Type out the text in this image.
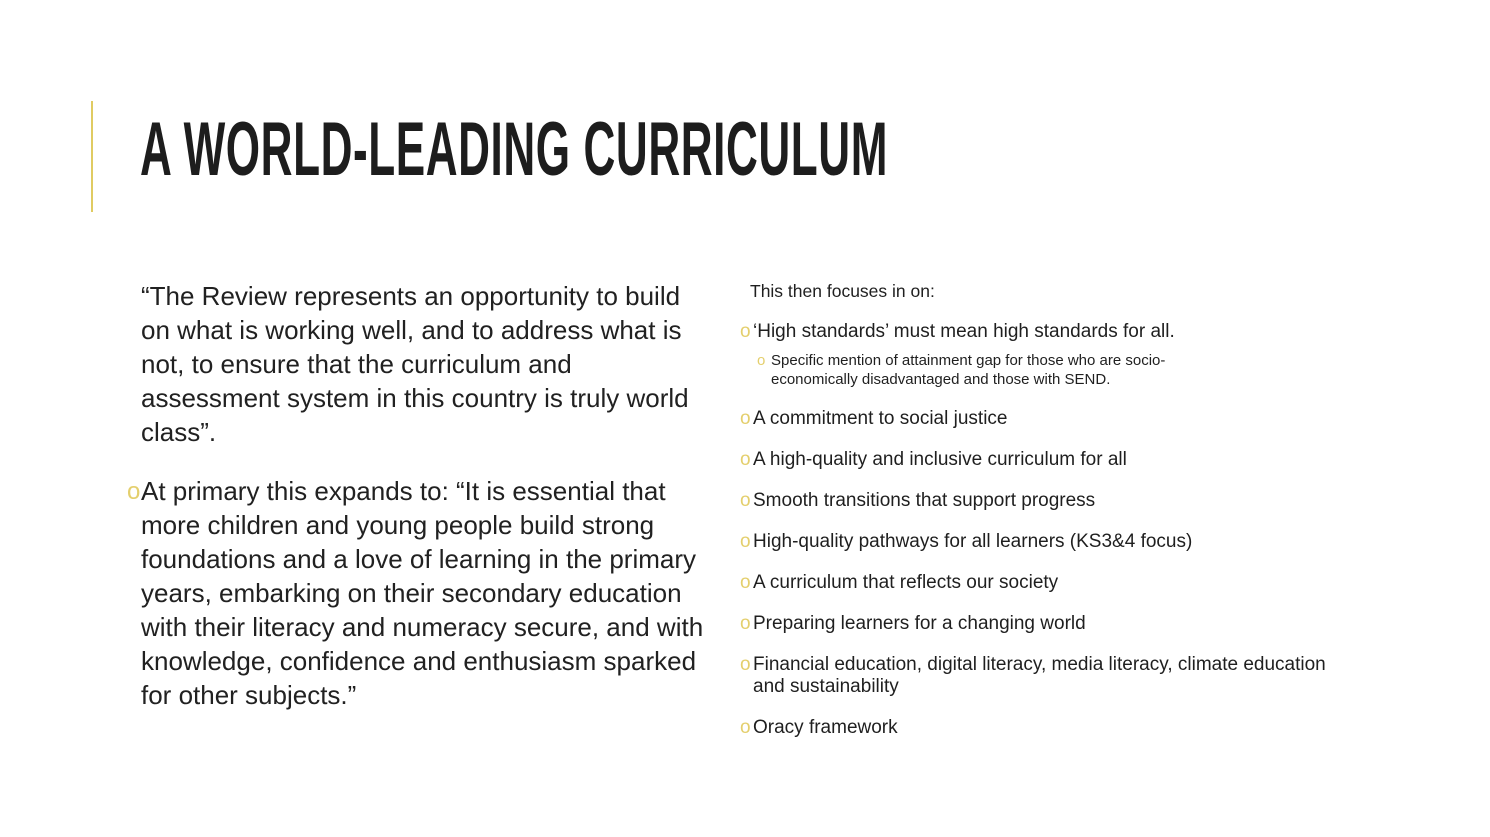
A WORLD-LEADING CURRICULUM

“The Review represents an opportunity to build on what is working well, and to address what is not, to ensure that the curriculum and assessment system in this country is truly world class”.

o At primary this expands to: “It is essential that more children and young people build strong foundations and a love of learning in the primary years, embarking on their secondary education with their literacy and numeracy secure, and with knowledge, confidence and enthusiasm sparked for other subjects.”

This then focuses in on:

o ‘High standards’ must mean high standards for all.
o Specific mention of attainment gap for those who are socio-economically disadvantaged and those with SEND.
o A commitment to social justice
o A high-quality and inclusive curriculum for all
o Smooth transitions that support progress
o High-quality pathways for all learners (KS3&4 focus)
o A curriculum that reflects our society
o Preparing learners for a changing world
o Financial education, digital literacy, media literacy, climate education and sustainability
o Oracy framework
